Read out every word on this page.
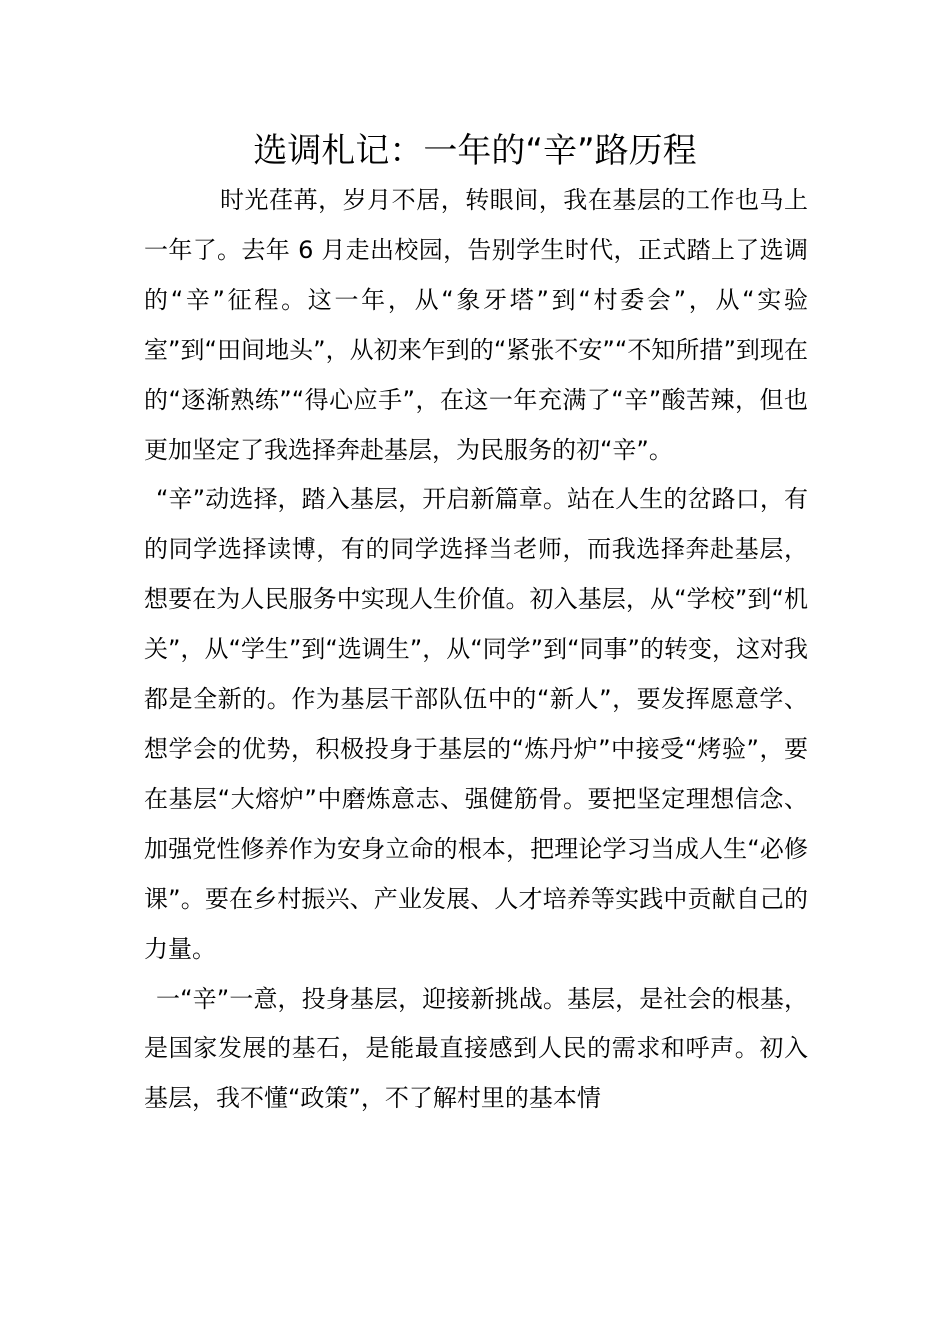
选调札记：一年的“辛”路历程

时光荏苒，岁月不居，转眼间，我在基层的工作也马上一年了。去年 6 月走出校园，告别学生时代，正式踏上了选调的“辛”征程。这一年，从“象牙塔”到“村委会”，从“实验室”到“田间地头”，从初来乍到的“紧张不安”“不知所措”到现在的“逐渐熟练”“得心应手”，在这一年充满了“辛”酸苦辣，但也更加坚定了我选择奔赴基层，为民服务的初“辛”。

“辛”动选择，踏入基层，开启新篇章。站在人生的岔路口，有的同学选择读博，有的同学选择当老师，而我选择奔赴基层，想要在为人民服务中实现人生价值。初入基层，从“学校”到“机关”，从“学生”到“选调生”，从“同学”到“同事”的转变，这对我都是全新的。作为基层干部队伍中的“新人”，要发挥愿意学、想学会的优势，积极投身于基层的“炼丹炉”中接受“烤验”，要在基层“大熔炉”中磨炼意志、强健筋骨。要把坚定理想信念、加强党性修养作为安身立命的根本，把理论学习当成人生“必修课”。要在乡村振兴、产业发展、人才培养等实践中贡献自己的力量。

一“辛”一意，投身基层，迎接新挑战。基层，是社会的根基，是国家发展的基石，是能最直接感到人民的需求和呼声。初入基层，我不懂“政策”，不了解村里的基本情
